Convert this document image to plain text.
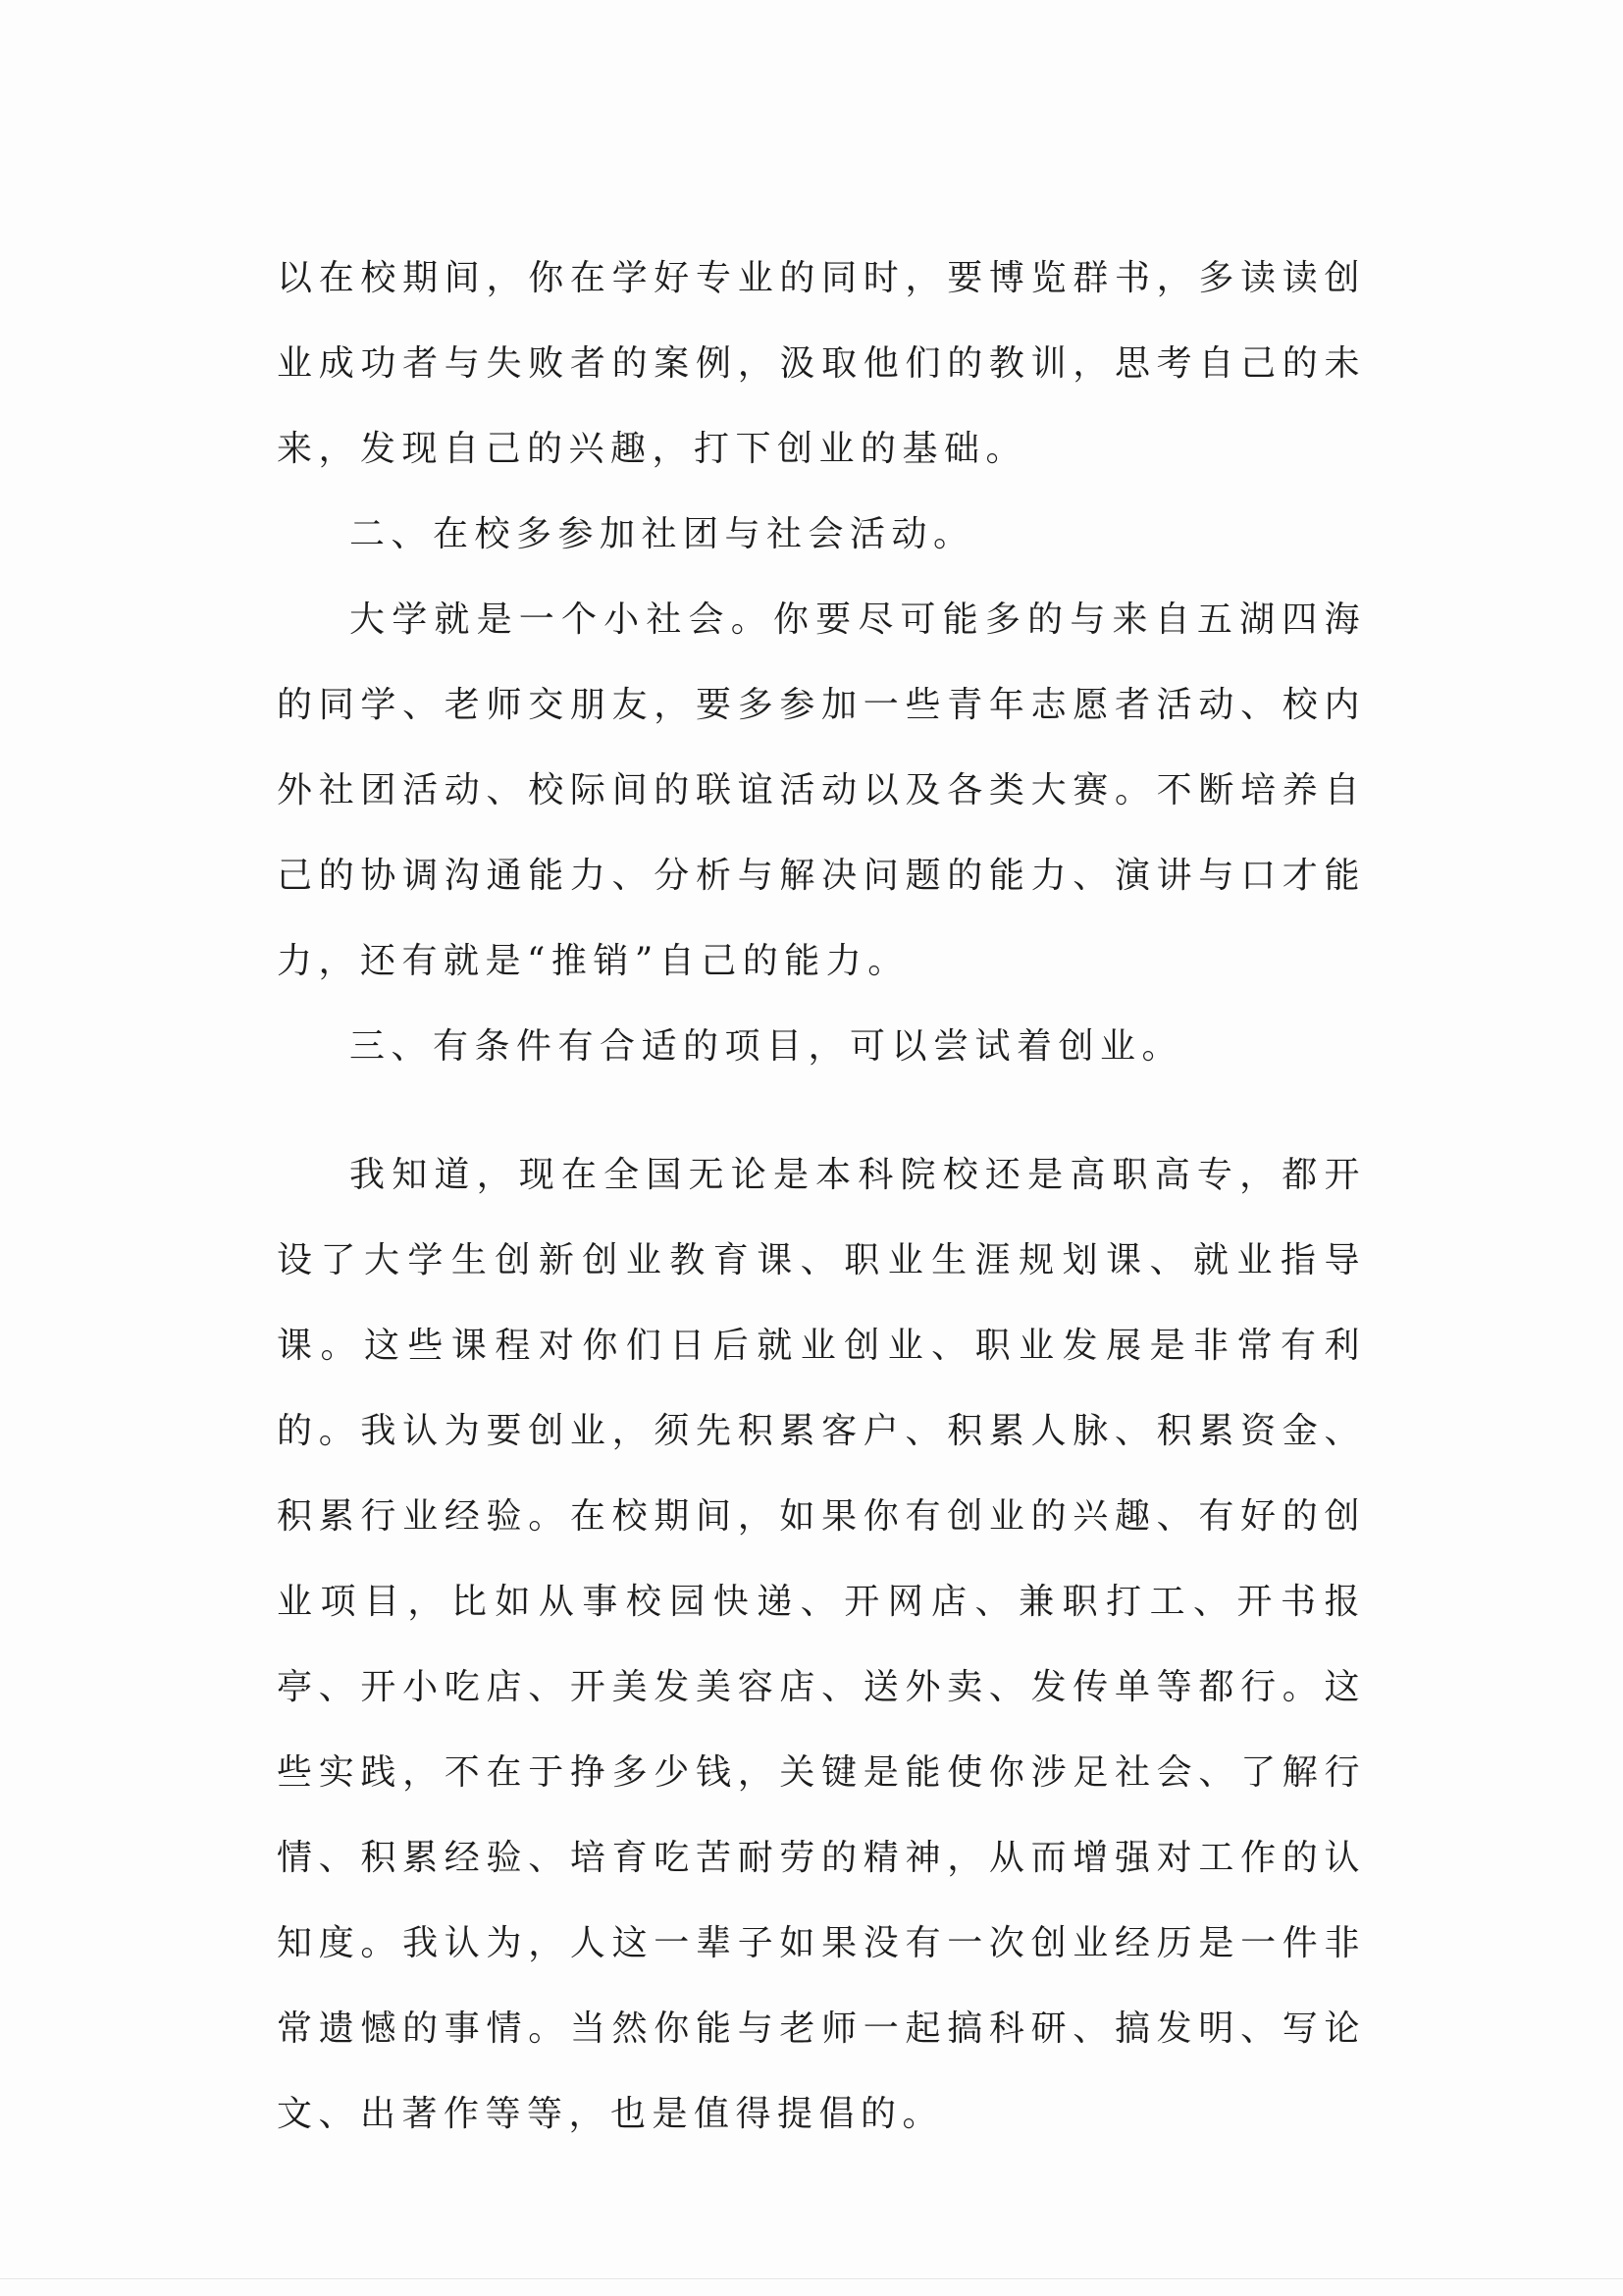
以在校期间，你在学好专业的同时，要博览群书，多读读创业成功者与失败者的案例，汲取他们的教训，思考自己的未来，发现自己的兴趣，打下创业的基础。

二、在校多参加社团与社会活动。

大学就是一个小社会。你要尽可能多的与来自五湖四海的同学、老师交朋友，要多参加一些青年志愿者活动、校内外社团活动、校际间的联谊活动以及各类大赛。不断培养自己的协调沟通能力、分析与解决问题的能力、演讲与口才能力，还有就是“推销”自己的能力。

三、有条件有合适的项目，可以尝试着创业。

我知道，现在全国无论是本科院校还是高职高专，都开设了大学生创新创业教育课、职业生涯规划课、就业指导课。这些课程对你们日后就业创业、职业发展是非常有利的。我认为要创业，须先积累客户、积累人脉、积累资金、积累行业经验。在校期间，如果你有创业的兴趣、有好的创业项目，比如从事校园快递、开网店、兼职打工、开书报亭、开小吃店、开美发美容店、送外卖、发传单等都行。这些实践，不在于挣多少钱，关键是能使你涉足社会、了解行情、积累经验、培育吃苦耐劳的精神，从而增强对工作的认知度。我认为，人这一辈子如果没有一次创业经历是一件非常遗憾的事情。当然你能与老师一起搞科研、搞发明、写论文、出著作等等，也是值得提倡的。
